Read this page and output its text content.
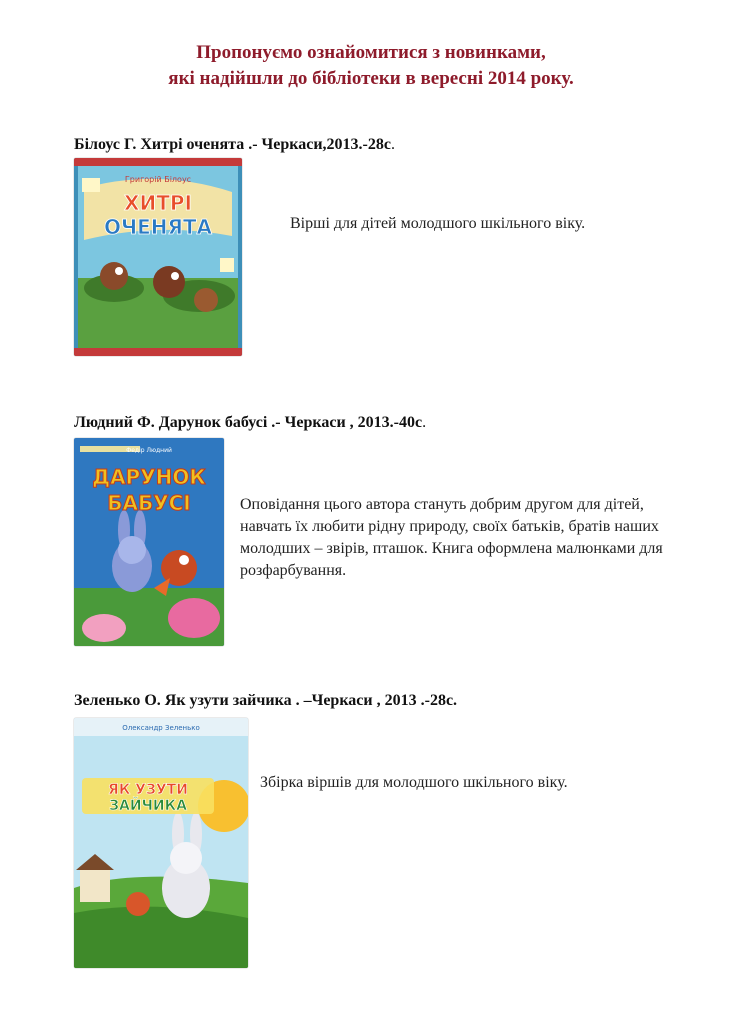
Пропонуємо ознайомитися з новинками,
які надійшли до бібліотеки в вересні 2014 року.
Білоус Г. Хитрі оченята .- Черкаси,2013.-28с.
Григорій Білоус
ХИТРІ
ОЧЕНЯТА	Вірші для дітей молодшого шкільного віку.
Людний Ф. Дарунок бабусі .- Черкаси , 2013.-40с.
Федір Людний
ДАРУНОК
БАБУСІ	Оповідання цього автора стануть добрим другом для дітей, навчать їх любити рідну природу, своїх батьків, братів наших молодших – звірів, пташок. Книга оформлена малюнками для розфарбування.
Зеленько О. Як узути зайчика . –Черкаси , 2013 .-28с.
Олександр Зеленько
ЯК УЗУТИ
ЗАЙЧИКА
Збірка віршів для молодшого шкільного віку.
